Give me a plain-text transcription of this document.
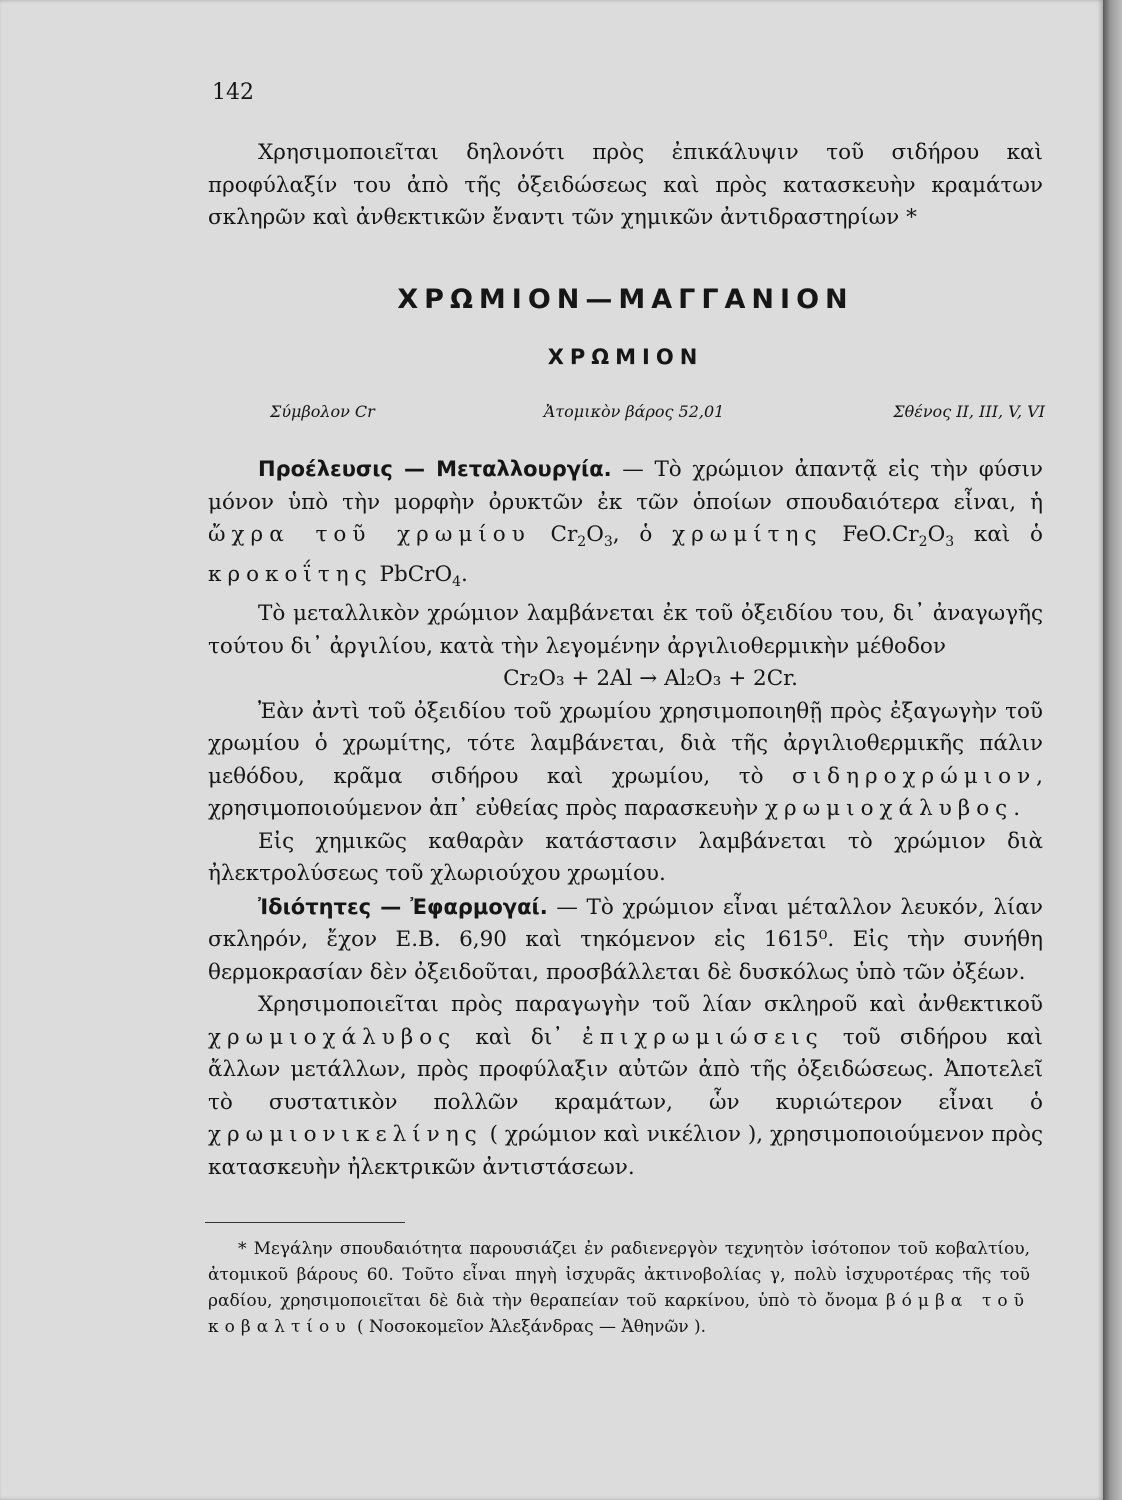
142

Χρησιμοποιεῖται δηλονότι πρὸς ἐπικάλυψιν τοῦ σιδήρου καὶ προφύλαξίν του ἀπὸ τῆς ὀξειδώσεως καὶ πρὸς κατασκευὴν κραμάτων σκληρῶν καὶ ἀνθεκτικῶν ἔναντι τῶν χημικῶν ἀντιδραστηρίων *

ΧΡΩΜΙΟΝ—ΜΑΓΓΑΝΙΟΝ
ΧΡΩΜΙΟΝ
Σύμβολον Cr	Ἀτομικὸν βάρος 52,01	Σθένος II, III, V, VI

Προέλευσις — Μεταλλουργία. — Τὸ χρώμιον ἀπαντᾷ εἰς τὴν φύσιν μόνον ὑπὸ τὴν μορφὴν ὀρυκτῶν ἐκ τῶν ὁποίων σπουδαιότερα εἶναι, ἡ ὤχρα τοῦ χρωμίου $Cr_2O_3$, ὁ χρωμίτης $FeO.Cr_2O_3$ καὶ ὁ κροκοΐτης PbCrO$_4$.

Τὸ μεταλλικὸν χρώμιον λαμβάνεται ἐκ τοῦ ὀξειδίου του, δι᾿ ἀναγωγῆς τούτου δι᾿ ἀργιλίου, κατὰ τὴν λεγομένην ἀργιλιοθερμικὴν μέθοδον

Cr₂O₃ + 2Al → Al₂O₃ + 2Cr.

Ἐὰν ἀντὶ τοῦ ὀξειδίου τοῦ χρωμίου χρησιμοποιηθῇ πρὸς ἐξαγωγὴν τοῦ χρωμίου ὁ χρωμίτης, τότε λαμβάνεται, διὰ τῆς ἀργιλιοθερμικῆς πάλιν μεθόδου, κρᾶμα σιδήρου καὶ χρωμίου, τὸ σιδηροχρώμιον, χρησιμοποιούμενον ἀπ᾿ εὐθείας πρὸς παρασκευὴν χρωμιοχάλυβος.

Εἰς χημικῶς καθαρὰν κατάστασιν λαμβάνεται τὸ χρώμιον διὰ ἠλεκτρολύσεως τοῦ χλωριούχου χρωμίου.

Ἰδιότητες — Ἐφαρμογαί. — Τὸ χρώμιον εἶναι μέταλλον λευκόν, λίαν σκληρόν, ἔχον Ε.Β. 6,90 καὶ τηκόμενον εἰς 1615⁰. Εἰς τὴν συνήθη θερμοκρασίαν δὲν ὀξειδοῦται, προσβάλλεται δὲ δυσκόλως ὑπὸ τῶν ὀξέων.

Χρησιμοποιεῖται πρὸς παραγωγὴν τοῦ λίαν σκληροῦ καὶ ἀνθεκτικοῦ χρωμιοχάλυβος καὶ δι᾿ ἐπιχρωμιώσεις τοῦ σιδήρου καὶ ἄλλων μετάλλων, πρὸς προφύλαξιν αὐτῶν ἀπὸ τῆς ὀξειδώσεως. Ἀποτελεῖ τὸ συστατικὸν πολλῶν κραμάτων, ὧν κυριώτερον εἶναι ὁ χρωμιονικελίνης ( χρώμιον καὶ νικέλιον ), χρησιμοποιούμενον πρὸς κατασκευὴν ἠλεκτρικῶν ἀντιστάσεων.

* Μεγάλην σπουδαιότητα παρουσιάζει ἐν ραδιενεργὸν τεχνητὸν ἰσότοπον τοῦ κοβαλτίου, ἀτομικοῦ βάρους 60. Τοῦτο εἶναι πηγὴ ἰσχυρᾶς ἀκτινοβολίας γ, πολὺ ἰσχυροτέρας τῆς τοῦ ραδίου, χρησιμοποιεῖται δὲ διὰ τὴν θεραπείαν τοῦ καρκίνου, ὑπὸ τὸ ὄνομα βόμβα τοῦ κοβαλτίου ( Νοσοκομεῖον Ἀλεξάνδρας — Ἀθηνῶν ).
